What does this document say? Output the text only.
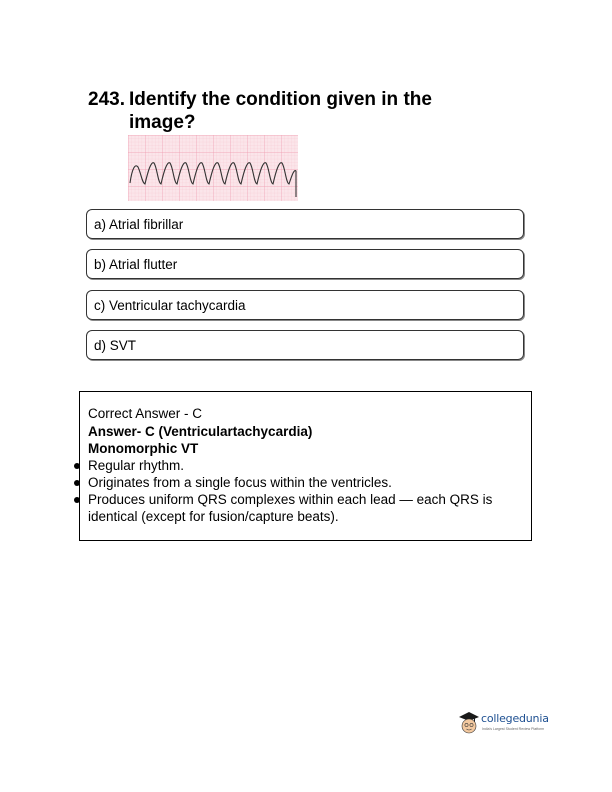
243. Identify the condition given in the image?
a) Atrial fibrillar
b) Atrial flutter
c) Ventricular tachycardia
d) SVT
Correct Answer - C
Answer- C (Ventriculartachycardia)
Monomorphic VT
Regular rhythm.
Originates from a single focus within the ventricles.
Produces uniform QRS complexes within each lead — each QRS is
identical (except for fusion/capture beats).
collegedunia
India's Largest Student Review Platform
